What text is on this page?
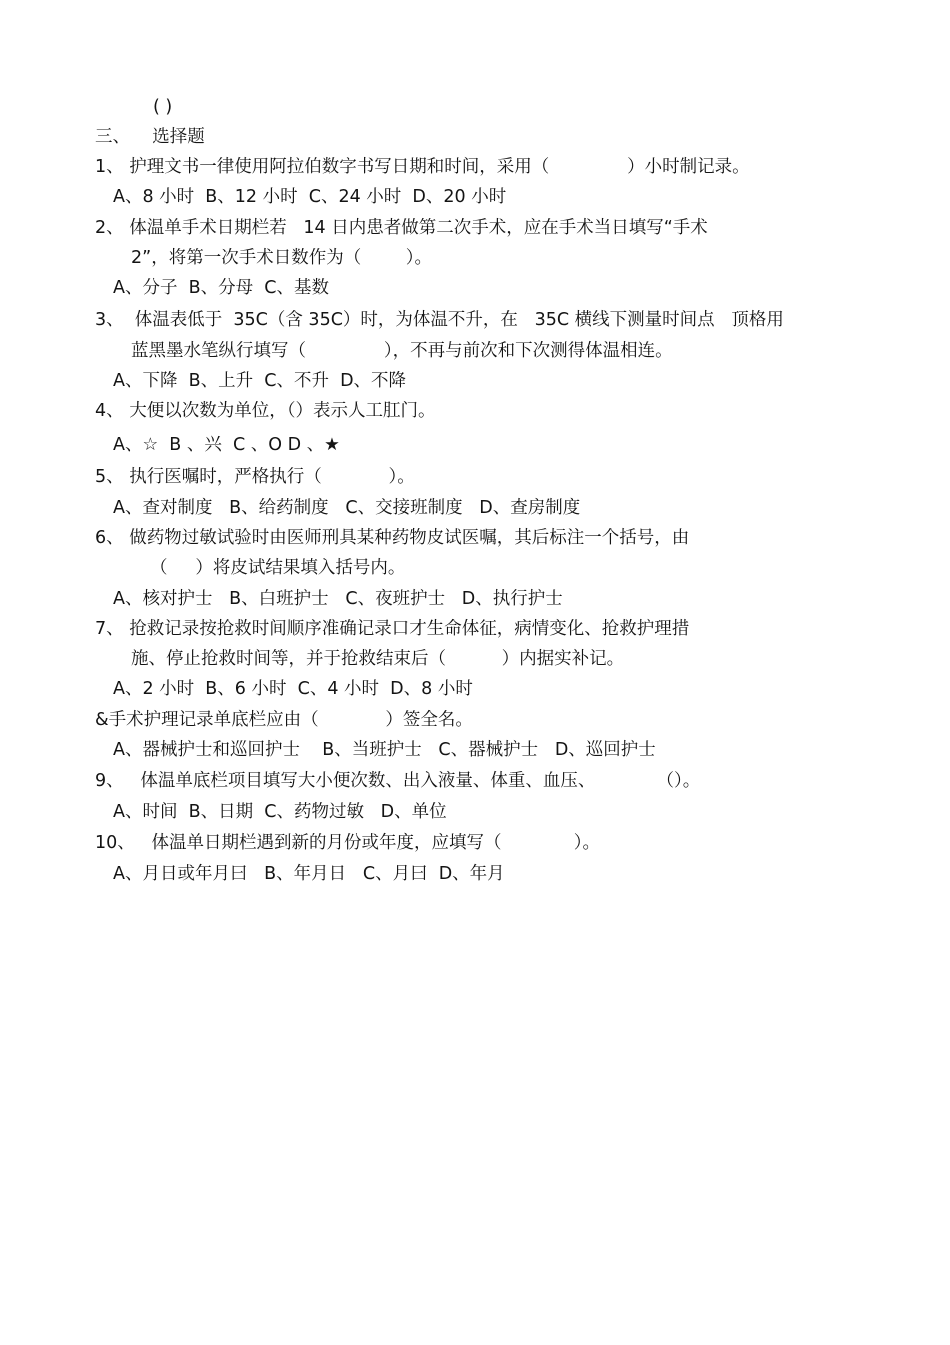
( )
三、    选择题
1、 护理文书一律使用阿拉伯数字书写日期和时间，采用（              ）小时制记录。
A、8 小时  B、12 小时  C、24 小时  D、20 小时
2、 体温单手术日期栏若   14 日内患者做第二次手术，应在手术当日填写“手术
2”，将第一次手术日数作为（        ）。
A、分子  B、分母  C、基数
3、  体温表低于  35C（含 35C）时，为体温不升，在   35C 横线下测量时间点   顶格用
蓝黑墨水笔纵行填写（              ），不再与前次和下次测得体温相连。
A、下降  B、上升  C、不升  D、不降
4、 大便以次数为单位，（）表示人工肛门。
A、☆  B 、兴  C 、O D 、★
5、 执行医嘱时，严格执行（            ）。
A、查对制度   B、给药制度   C、交接班制度   D、查房制度
6、 做药物过敏试验时由医师刑具某种药物皮试医嘱，其后标注一个括号，由
（     ）将皮试结果填入括号内。
A、核对护士   B、白班护士   C、夜班护士   D、执行护士
7、 抢救记录按抢救时间顺序准确记录口才生命体征，病情变化、抢救护理措
施、停止抢救时间等，并于抢救结束后（          ）内据实补记。
A、2 小时  B、6 小时  C、4 小时  D、8 小时
&手术护理记录单底栏应由（            ）签全名。
A、器械护士和巡回护士    B、当班护士   C、器械护士   D、巡回护士
9、   体温单底栏项目填写大小便次数、出入液量、体重、血压、           （）。
A、时间  B、日期  C、药物过敏   D、单位
10、   体温单日期栏遇到新的月份或年度，应填写（             ）。
A、月日或年月曰   B、年月日   C、月曰  D、年月
